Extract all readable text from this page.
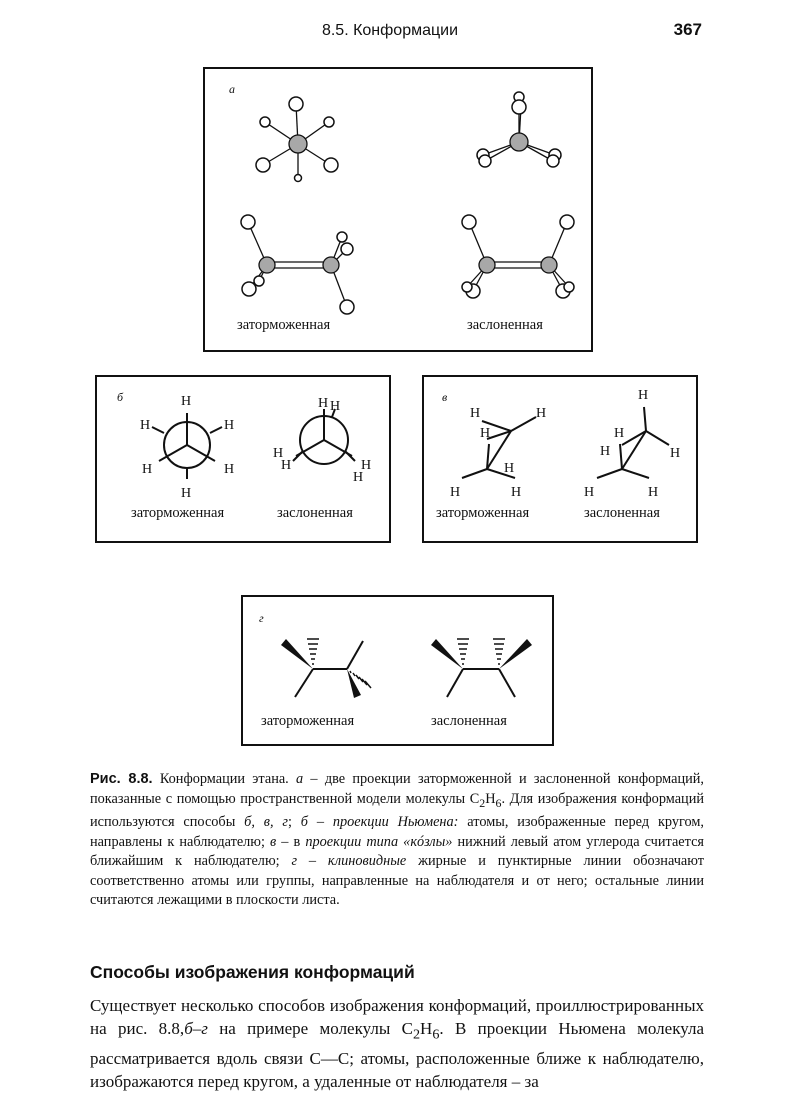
8.5. Конформации	367
а
заторможенная	заслоненная
б	H
H	H
H	H
H
H H
H
H	H
H
заторможенная	заслоненная
в
H	H
H
H
H	H
H
H
H	H
H	H
заторможенная	заслоненная
г
заторможенная	заслоненная
Рис. 8.8. Конформации этана. а – две проекции заторможенной и заслоненной конформаций, показанные с помощью пространственной модели молекулы $C_2H_6$. Для изображения конформаций используются способы б, в, г; б – проекции Ньюмена: атомы, изображенные перед кругом, направлены к наблюдателю; в – в проекции типа «кóзлы» нижний левый атом углерода считается ближайшим к наблюдателю; г – клиновидные жирные и пунктирные линии обозначают соответственно атомы или группы, направленные на наблюдателя и от него; остальные линии считаются лежащими в плоскости листа.
Способы изображения конформаций
Существует несколько способов изображения конформаций, проиллюстрированных на рис. 8.8,б–г на примере молекулы $C_2H_6$. В проекции Ньюмена молекула рассматривается вдоль связи С—С; атомы, расположенные ближе к наблюдателю, изображаются перед кругом, а удаленные от наблюдателя – за
